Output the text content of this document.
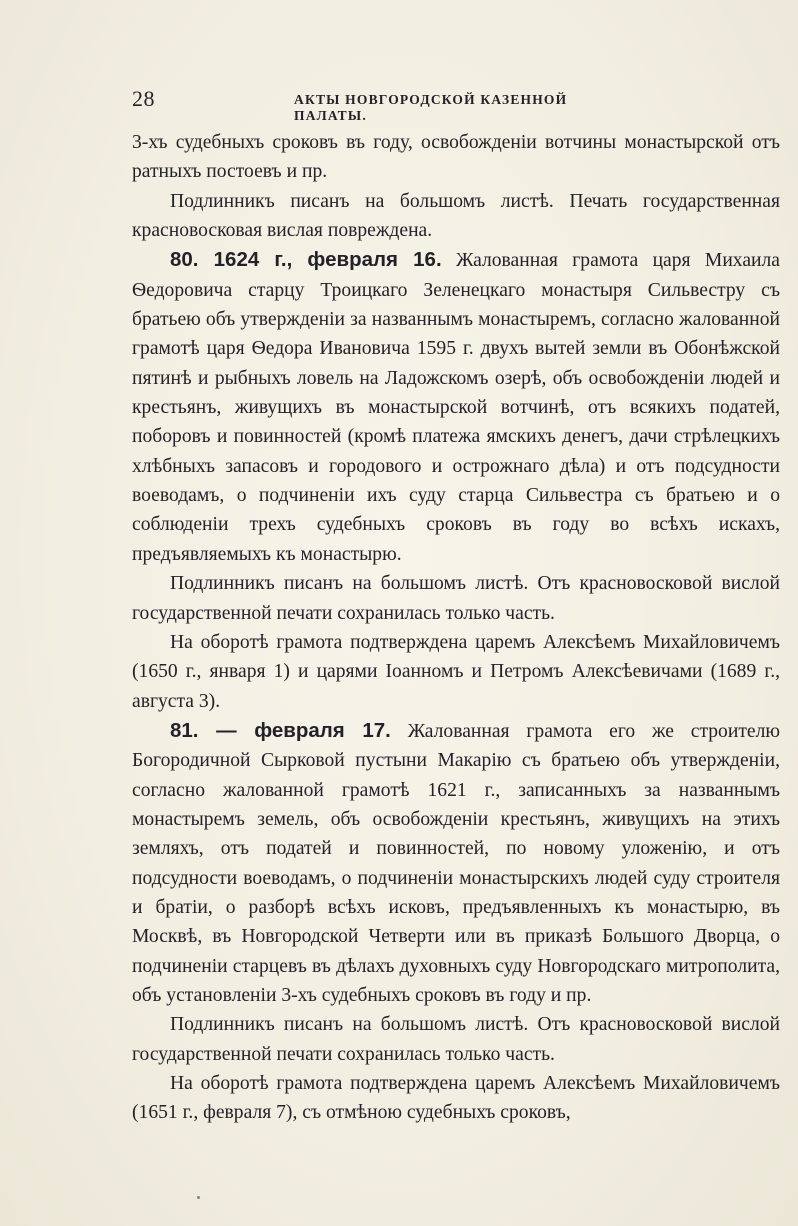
28	АКТЫ НОВГОРОДСКОЙ КАЗЕННОЙ ПАЛАТЫ.

3-хъ судебныхъ сроковъ въ году, освобожденіи вотчины монастырской отъ ратныхъ постоевъ и пр.

Подлинникъ писанъ на большомъ листѣ. Печать государственная красновосковая вислая повреждена.

80. 1624 г., февраля 16. Жалованная грамота царя Михаила Ѳедоровича старцу Троицкаго Зеленецкаго монастыря Сильвестру съ братьею объ утвержденіи за названнымъ монастыремъ, согласно жалованной грамотѣ царя Ѳедора Ивановича 1595 г. двухъ вытей земли въ Обонѣжской пятинѣ и рыбныхъ ловель на Ладожскомъ озерѣ, объ освобожденіи людей и крестьянъ, живущихъ въ монастырской вотчинѣ, отъ всякихъ податей, поборовъ и повинностей (кромѣ платежа ямскихъ денегъ, дачи стрѣлецкихъ хлѣбныхъ запасовъ и городового и острожнаго дѣла) и отъ подсудности воеводамъ, о подчиненіи ихъ суду старца Сильвестра съ братьею и о соблюденіи трехъ судебныхъ сроковъ въ году во всѣхъ искахъ, предъявляемыхъ къ монастырю.

Подлинникъ писанъ на большомъ листѣ. Отъ красновосковой вислой государственной печати сохранилась только часть.

На оборотѣ грамота подтверждена царемъ Алексѣемъ Михайловичемъ (1650 г., января 1) и царями Іоанномъ и Петромъ Алексѣевичами (1689 г., августа 3).

81. — февраля 17. Жалованная грамота его же строителю Богородичной Сырковой пустыни Макарію съ братьею объ утвержденіи, согласно жалованной грамотѣ 1621 г., записанныхъ за названнымъ монастыремъ земель, объ освобожденіи крестьянъ, живущихъ на этихъ земляхъ, отъ податей и повинностей, по новому уложенію, и отъ подсудности воеводамъ, о подчиненіи монастырскихъ людей суду строителя и братіи, о разборѣ всѣхъ исковъ, предъявленныхъ къ монастырю, въ Москвѣ, въ Новгородской Четверти или въ приказѣ Большого Дворца, о подчиненіи старцевъ въ дѣлахъ духовныхъ суду Новгородскаго митрополита, объ установленіи 3-хъ судебныхъ сроковъ въ году и пр.

Подлинникъ писанъ на большомъ листѣ. Отъ красновосковой вислой государственной печати сохранилась только часть.

На оборотѣ грамота подтверждена царемъ Алексѣемъ Михайловичемъ (1651 г., февраля 7), съ отмѣною судебныхъ сроковъ,
